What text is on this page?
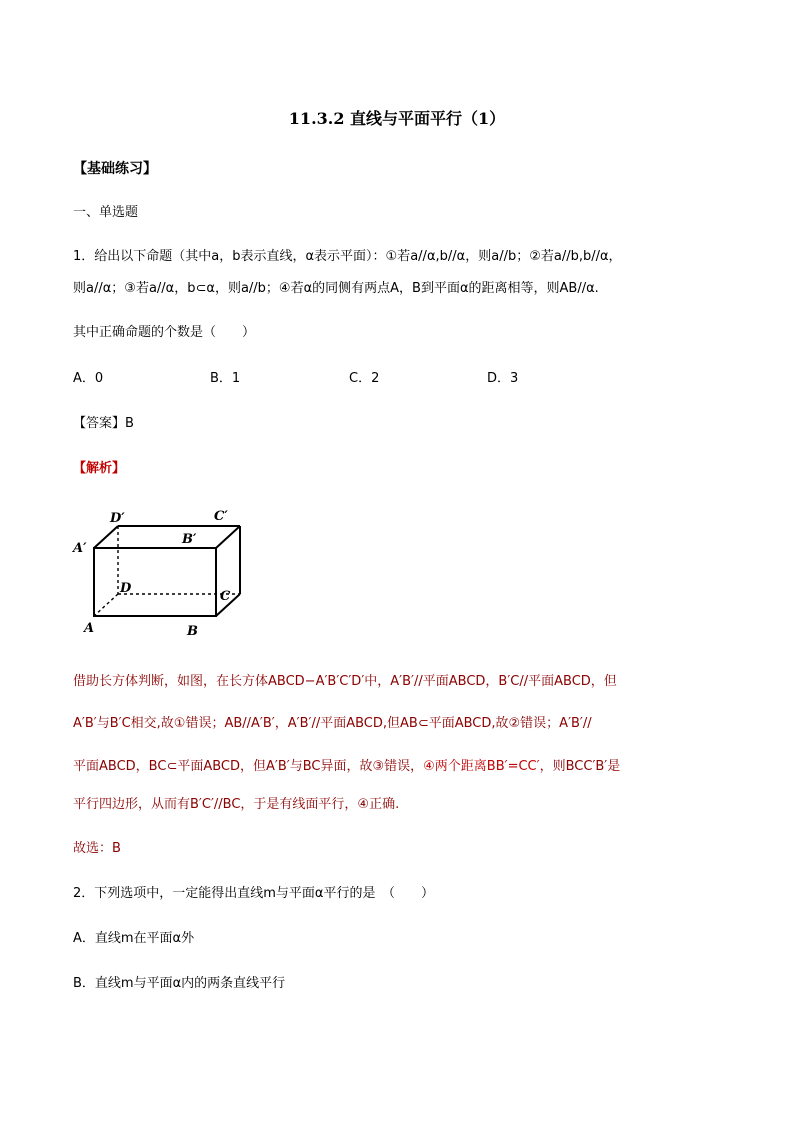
11.3.2 直线与平面平行（1）
【基础练习】
一、单选题
1．给出以下命题（其中a，b表示直线，α表示平面）：①若a//α,b//α，则a//b；②若a//b,b//α，
则a//α；③若a//α，b⊂α，则a//b；④若α的同侧有两点A，B到平面α的距离相等，则AB//α.
其中正确命题的个数是（　　）
A．0	B．1	C．2	D．3
【答案】B
【解析】
D′	C′
A′
B′
D
C
A	B
借助长方体判断，如图，在长方体ABCD−A′B′C′D′中，A′B′//平面ABCD，B′C//平面ABCD，但
A′B′与B′C相交,故①错误；AB//A′B′，A′B′//平面ABCD,但AB⊂平面ABCD,故②错误；A′B′//
平面ABCD，BC⊂平面ABCD，但A′B′与BC异面，故③错误，④两个距离BB′=CC′，则BCC′B′是
平行四边形，从而有B′C′//BC，于是有线面平行，④正确.
故选：B
2．下列选项中，一定能得出直线m与平面α平行的是　（　　）
A．直线m在平面α外
B．直线m与平面α内的两条直线平行
